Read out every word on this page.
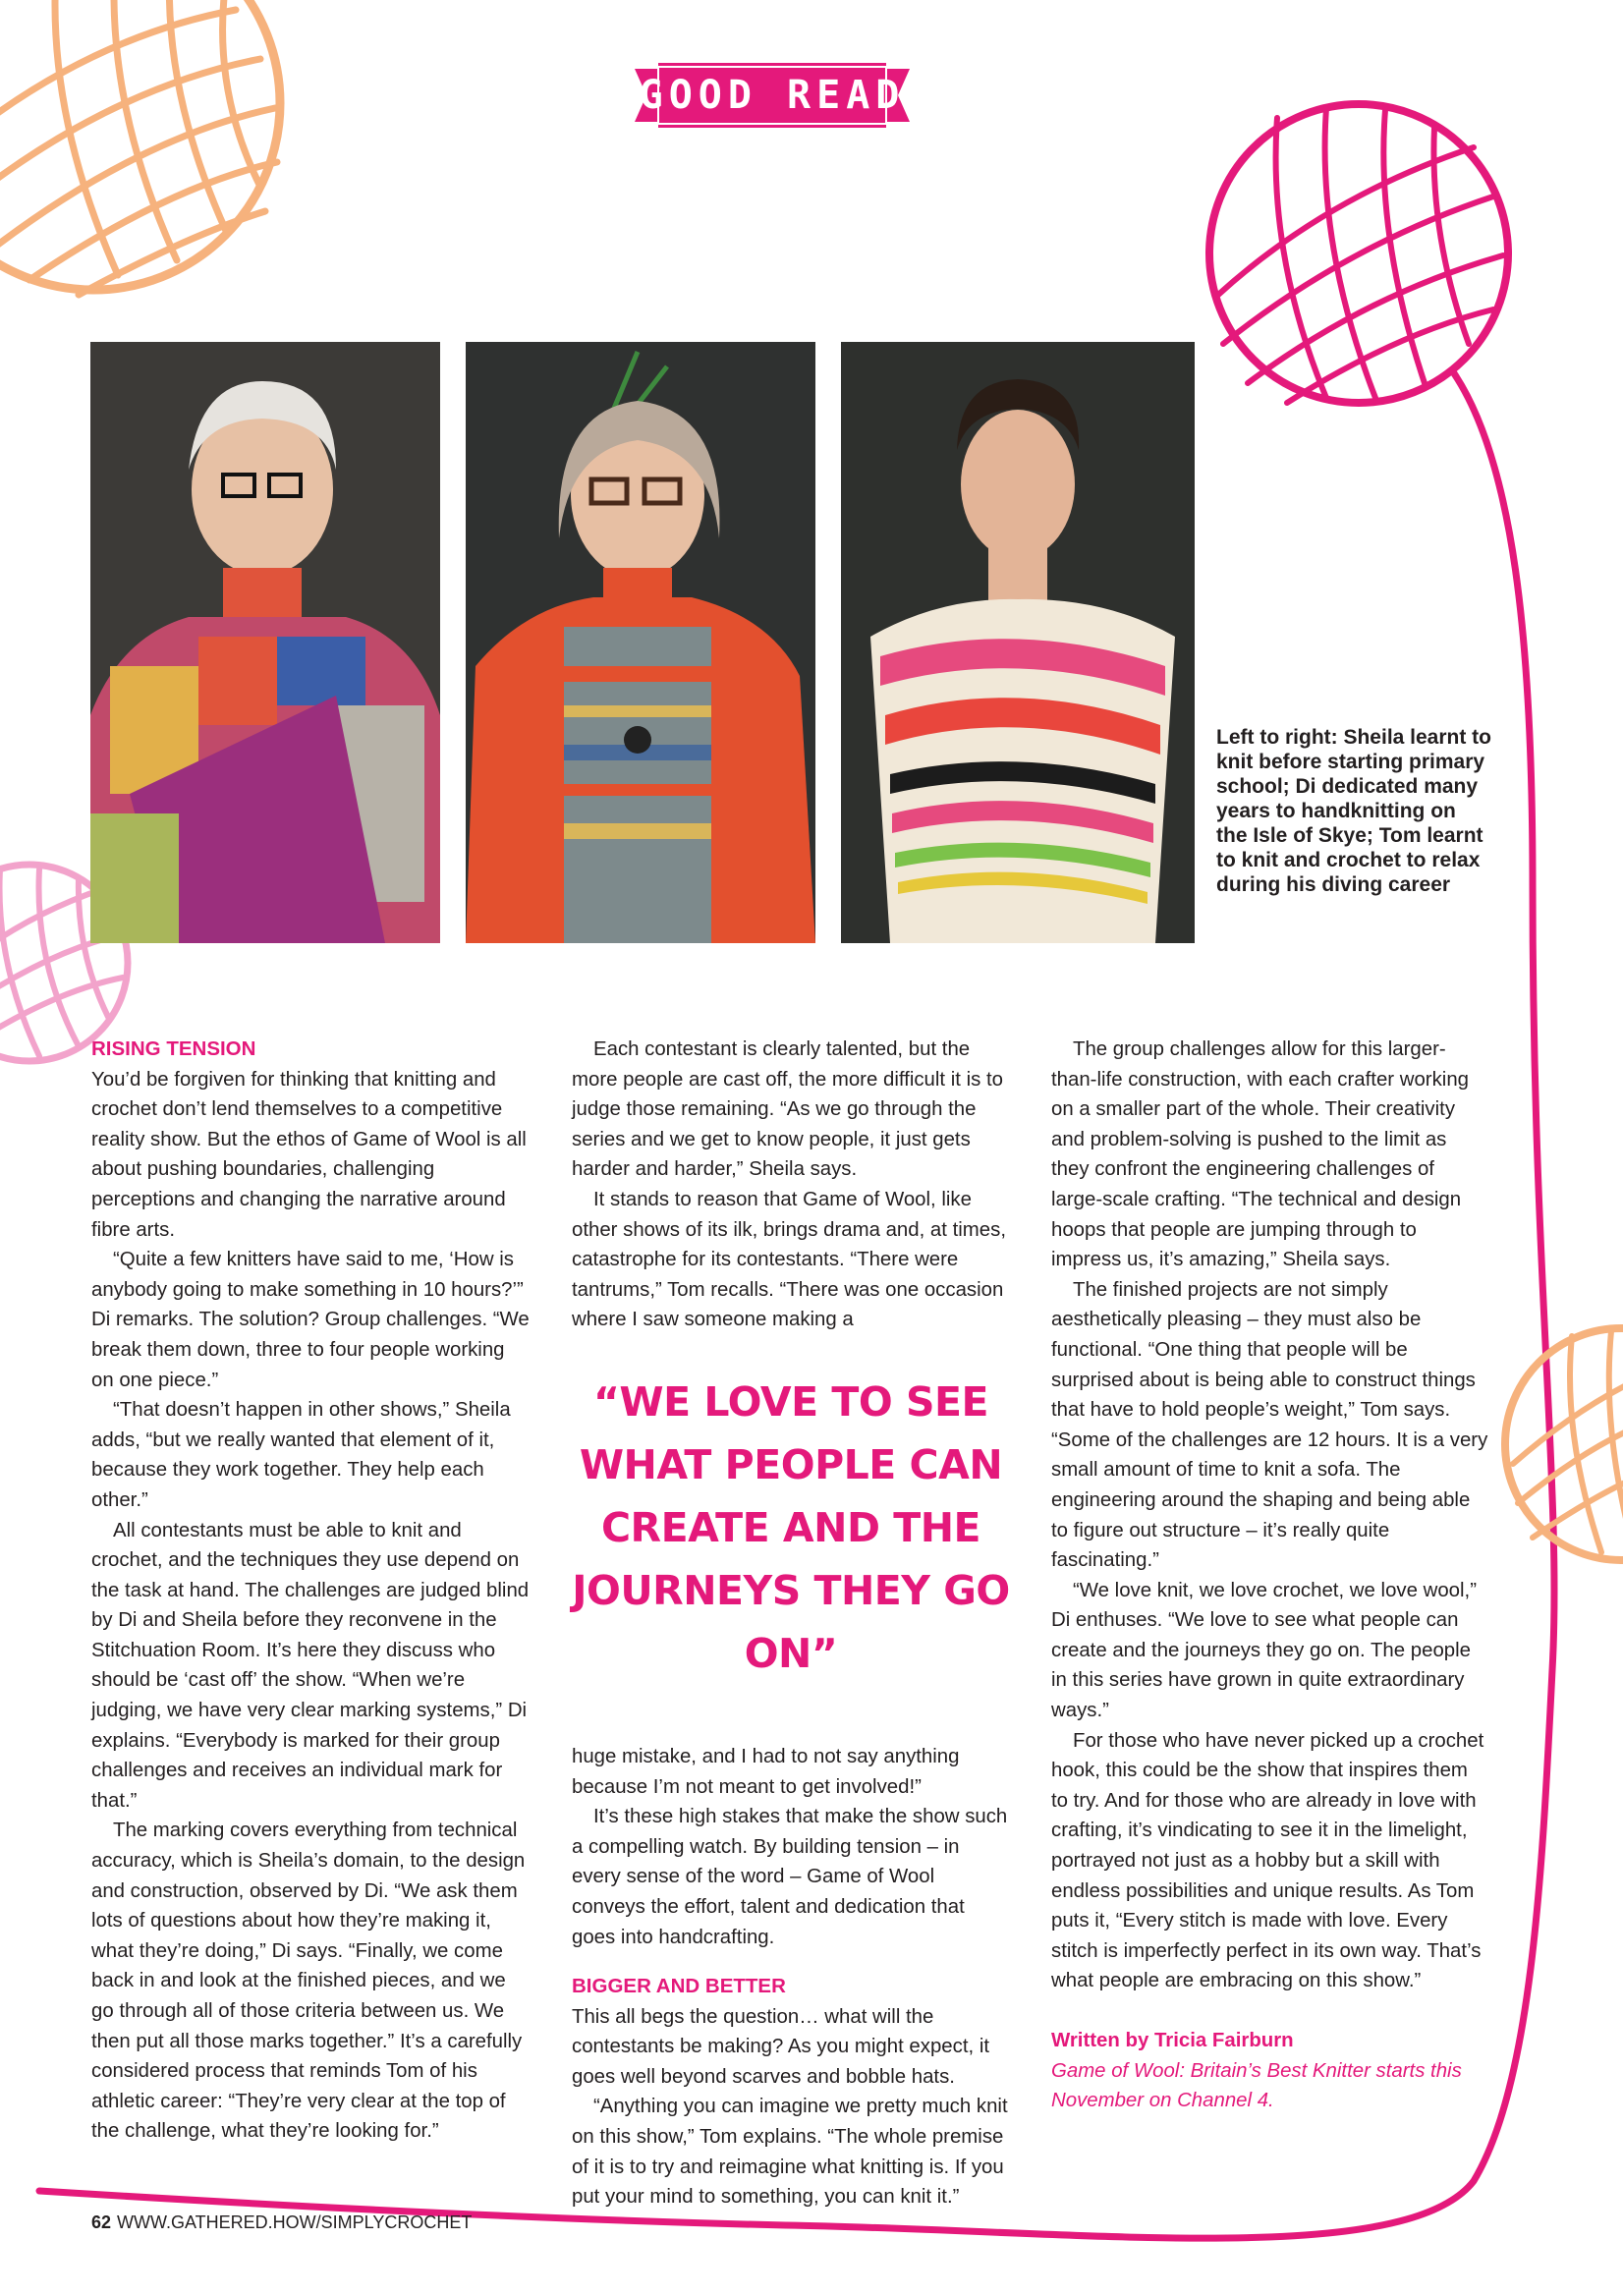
GOOD READ
Left to right: Sheila learnt to knit before starting primary school; Di dedicated many years to handknitting on the Isle of Skye; Tom learnt to knit and crochet to relax during his diving career
RISING TENSION

You’d be forgiven for thinking that knitting and crochet don’t lend themselves to a competitive reality show. But the ethos of Game of Wool is all about pushing boundaries, challenging perceptions and changing the narrative around fibre arts.

“Quite a few knitters have said to me, ‘How is anybody going to make something in 10 hours?’” Di remarks. The solution? Group challenges. “We break them down, three to four people working on one piece.”

“That doesn’t happen in other shows,” Sheila adds, “but we really wanted that element of it, because they work together. They help each other.”

All contestants must be able to knit and crochet, and the techniques they use depend on the task at hand. The challenges are judged blind by Di and Sheila before they reconvene in the Stitchuation Room. It’s here they discuss who should be ‘cast off’ the show. “When we’re judging, we have very clear marking systems,” Di explains. “Everybody is marked for their group challenges and receives an individual mark for that.”

The marking covers everything from technical accuracy, which is Sheila’s domain, to the design and construction, observed by Di. “We ask them lots of questions about how they’re making it, what they’re doing,” Di says. “Finally, we come back in and look at the finished pieces, and we go through all of those criteria between us. We then put all those marks together.” It’s a carefully considered process that reminds Tom of his athletic career: “They’re very clear at the top of the challenge, what they’re looking for.”

Each contestant is clearly talented, but the more people are cast off, the more difficult it is to judge those remaining. “As we go through the series and we get to know people, it just gets harder and harder,” Sheila says.

It stands to reason that Game of Wool, like other shows of its ilk, brings drama and, at times, catastrophe for its contestants. “There were tantrums,” Tom recalls. “There was one occasion where I saw someone making a

“WE LOVE TO SEE WHAT PEOPLE CAN CREATE AND THE JOURNEYS THEY GO ON”

huge mistake, and I had to not say anything because I’m not meant to get involved!”

It’s these high stakes that make the show such a compelling watch. By building tension – in every sense of the word – Game of Wool conveys the effort, talent and dedication that goes into handcrafting.

BIGGER AND BETTER

This all begs the question… what will the contestants be making? As you might expect, it goes well beyond scarves and bobble hats.

“Anything you can imagine we pretty much knit on this show,” Tom explains. “The whole premise of it is to try and reimagine what knitting is. If you put your mind to something, you can knit it.”

The group challenges allow for this larger-than-life construction, with each crafter working on a smaller part of the whole. Their creativity and problem-solving is pushed to the limit as they confront the engineering challenges of large-scale crafting. “The technical and design hoops that people are jumping through to impress us, it’s amazing,” Sheila says.

The finished projects are not simply aesthetically pleasing – they must also be functional. “One thing that people will be surprised about is being able to construct things that have to hold people’s weight,” Tom says. “Some of the challenges are 12 hours. It is a very small amount of time to knit a sofa. The engineering around the shaping and being able to figure out structure – it’s really quite fascinating.”

“We love knit, we love crochet, we love wool,” Di enthuses. “We love to see what people can create and the journeys they go on. The people in this series have grown in quite extraordinary ways.”

For those who have never picked up a crochet hook, this could be the show that inspires them to try. And for those who are already in love with crafting, it’s vindicating to see it in the limelight, portrayed not just as a hobby but a skill with endless possibilities and unique results. As Tom puts it, “Every stitch is made with love. Every stitch is imperfectly perfect in its own way. That’s what people are embracing on this show.”

Written by Tricia Fairburn
Game of Wool: Britain’s Best Knitter starts this November on Channel 4.
62 WWW.GATHERED.HOW/SIMPLYCROCHET
